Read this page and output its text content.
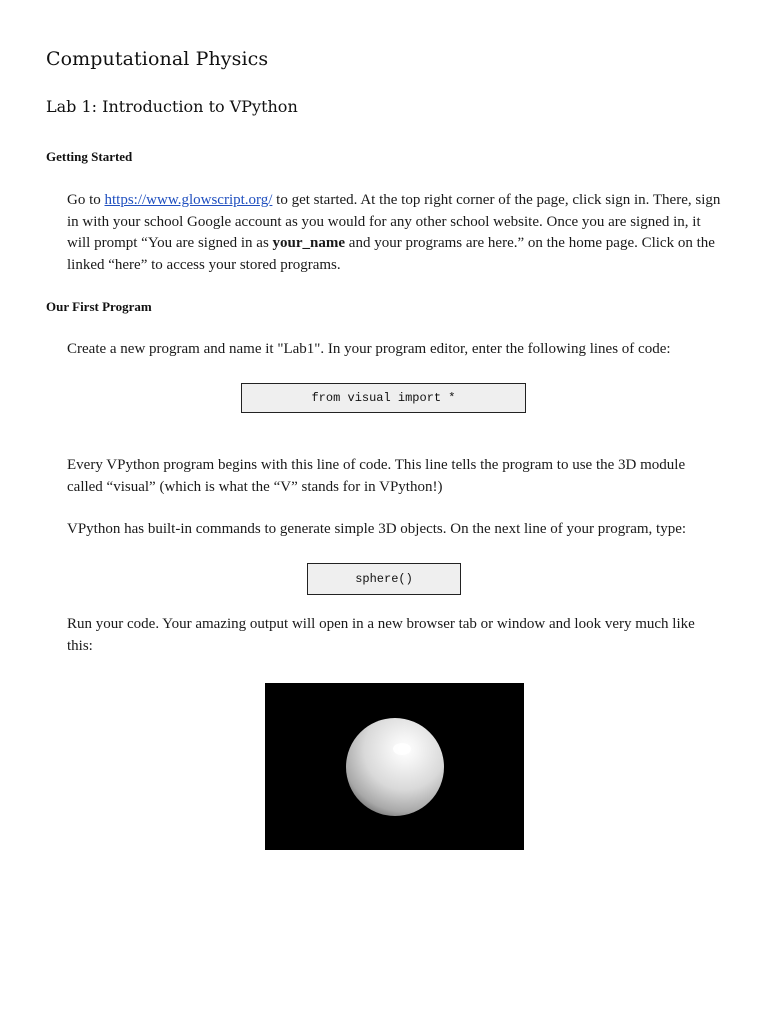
Computational Physics
Lab 1: Introduction to VPython
Getting Started
Go to https://www.glowscript.org/ to get started. At the top right corner of the page, click sign in. There, sign in with your school Google account as you would for any other school website. Once you are signed in, it will prompt “You are signed in as your_name and your programs are here.” on the home page. Click on the linked “here” to access your stored programs.
Our First Program
Create a new program and name it "Lab1". In your program editor, enter the following lines of code:
from visual import *
Every VPython program begins with this line of code. This line tells the program to use the 3D module called “visual” (which is what the “V” stands for in VPython!)
VPython has built-in commands to generate simple 3D objects. On the next line of your program, type:
sphere()
Run your code. Your amazing output will open in a new browser tab or window and look very much like this:
